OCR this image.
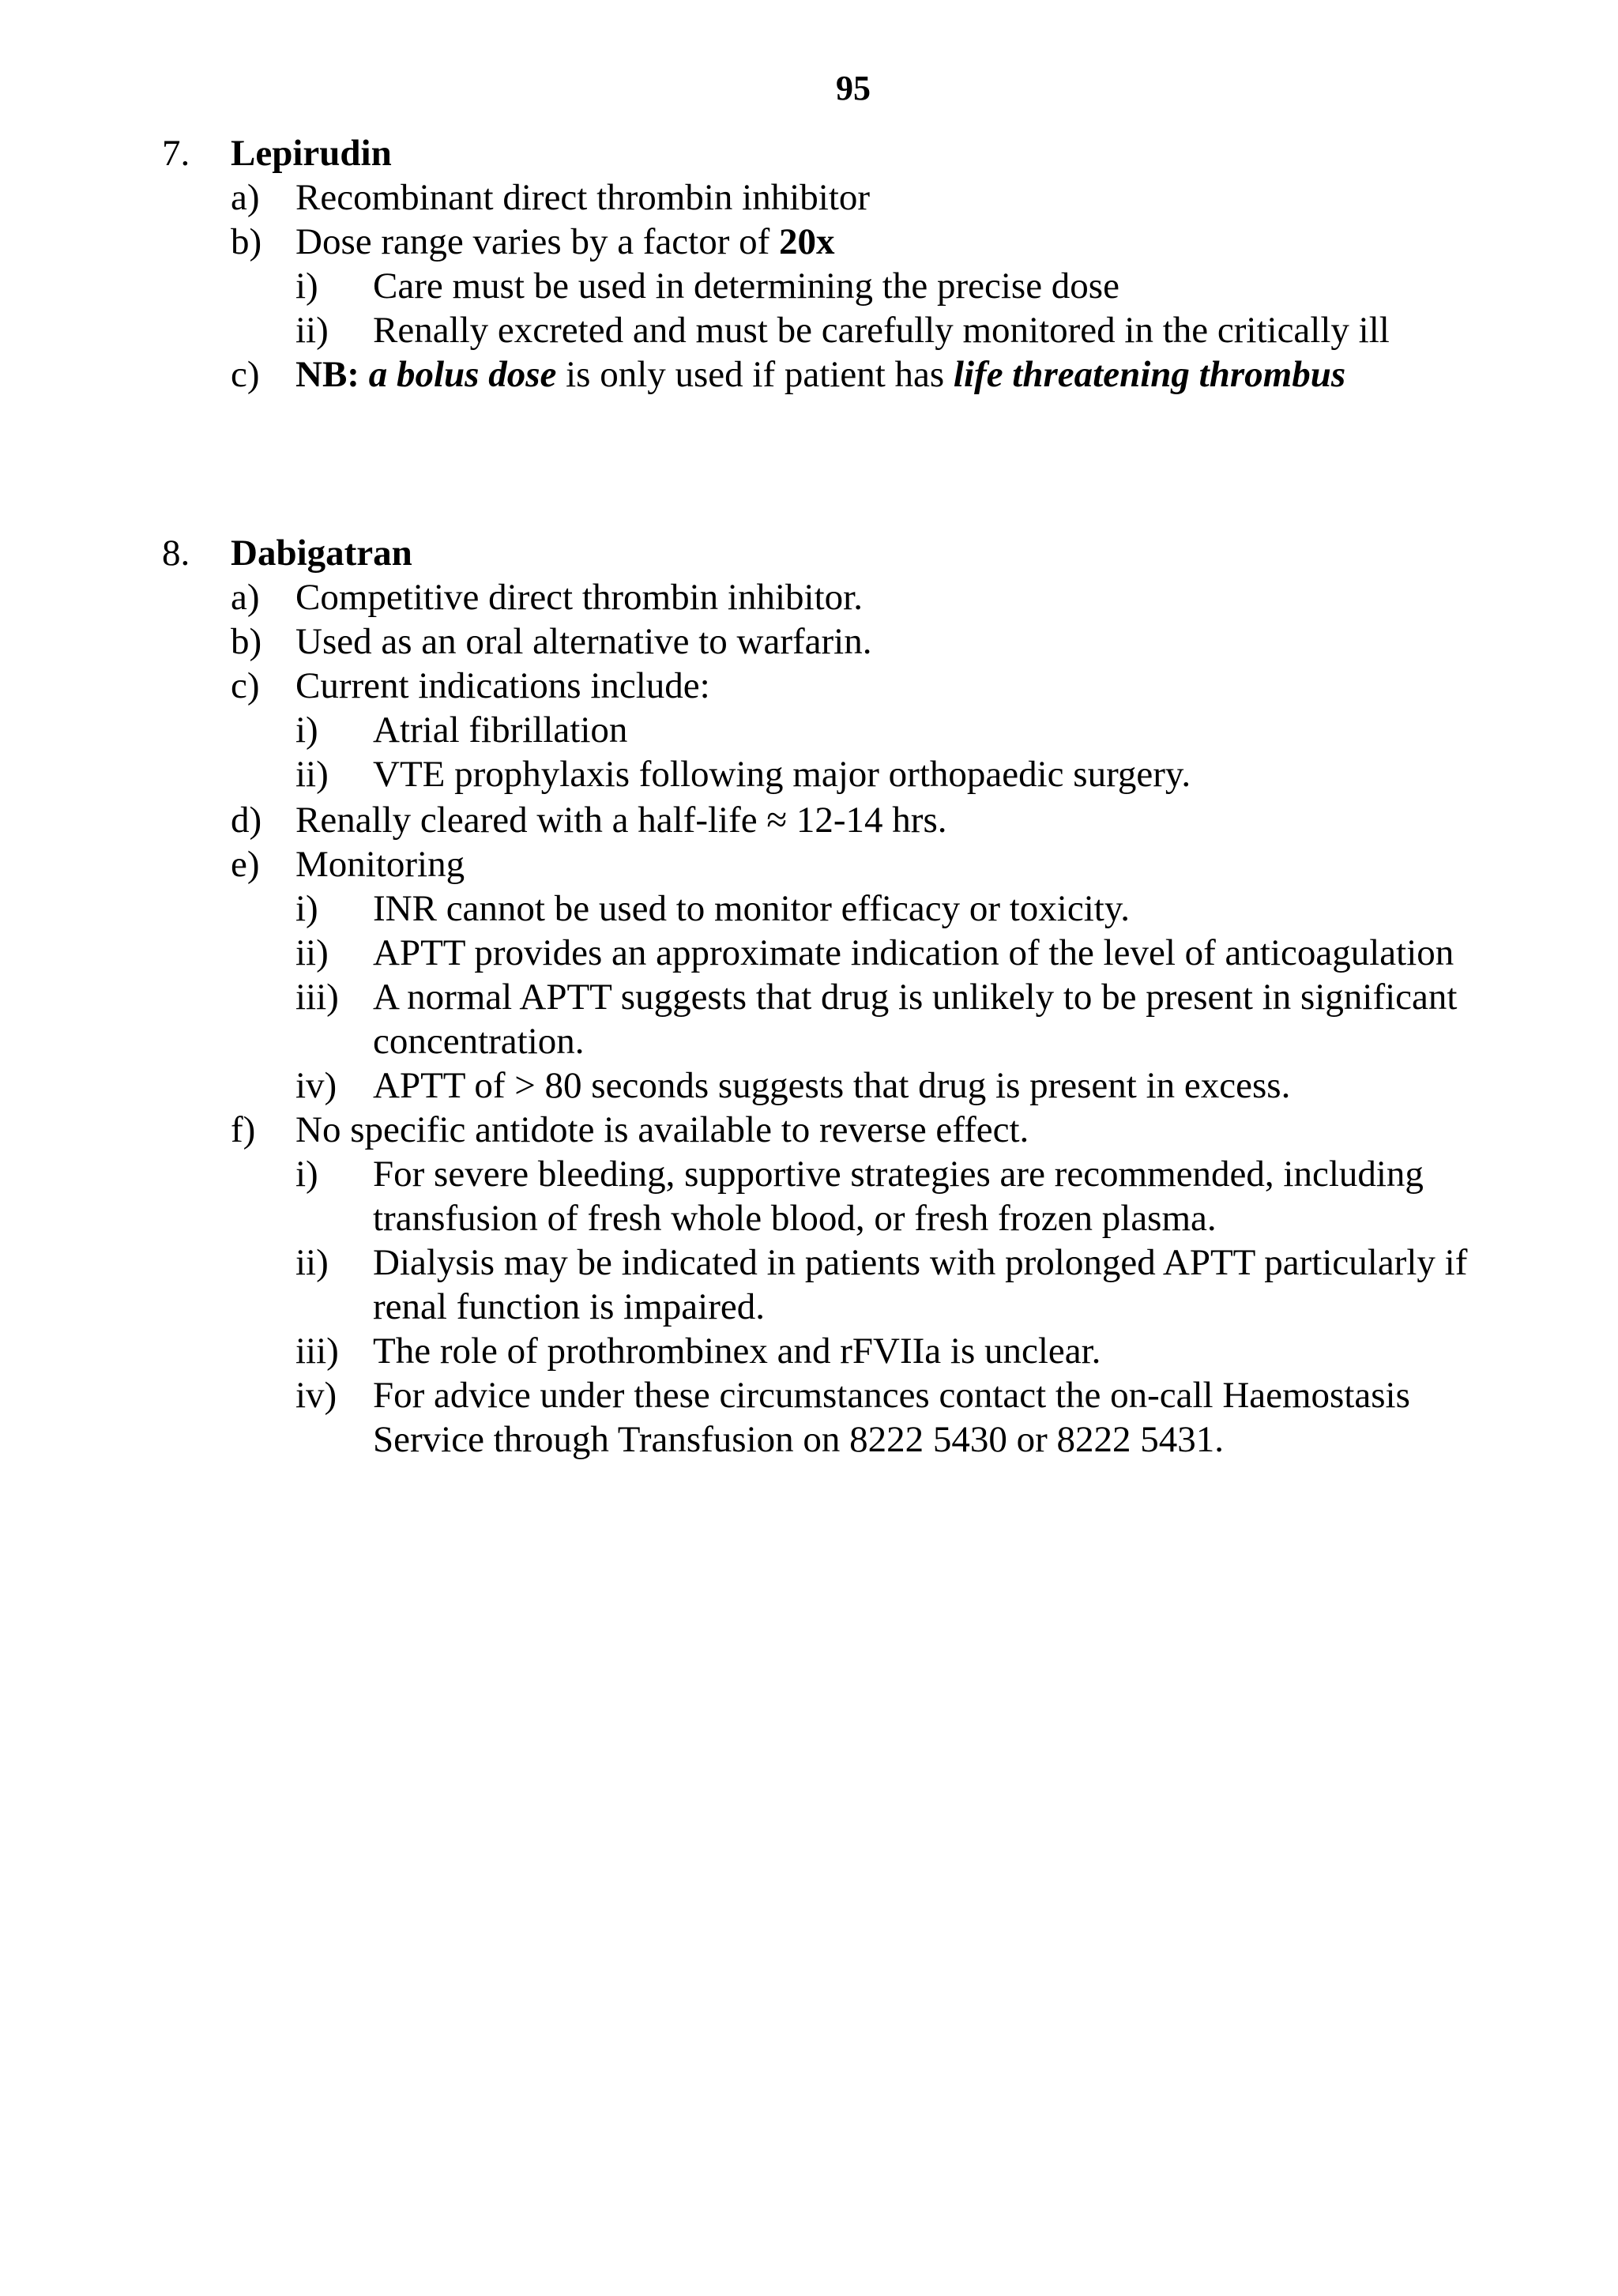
95
7. Lepirudin
a) Recombinant direct thrombin inhibitor
b) Dose range varies by a factor of 20x
i) Care must be used in determining the precise dose
ii) Renally excreted and must be carefully monitored in the critically ill
c) NB: a bolus dose is only used if patient has life threatening thrombus
8. Dabigatran
a) Competitive direct thrombin inhibitor.
b) Used as an oral alternative to warfarin.
c) Current indications include:
i) Atrial fibrillation
ii) VTE prophylaxis following major orthopaedic surgery.
d) Renally cleared with a half-life ≈ 12-14 hrs.
e) Monitoring
i) INR cannot be used to monitor efficacy or toxicity.
ii) APTT provides an approximate indication of the level of anticoagulation
iii) A normal APTT suggests that drug is unlikely to be present in significant
concentration.
iv) APTT of > 80 seconds suggests that drug is present in excess.
f) No specific antidote is available to reverse effect.
i) For severe bleeding, supportive strategies are recommended, including
transfusion of fresh whole blood, or fresh frozen plasma.
ii) Dialysis may be indicated in patients with prolonged APTT particularly if
renal function is impaired.
iii) The role of prothrombinex and rFVIIa is unclear.
iv) For advice under these circumstances contact the on-call Haemostasis
Service through Transfusion on 8222 5430 or 8222 5431.
